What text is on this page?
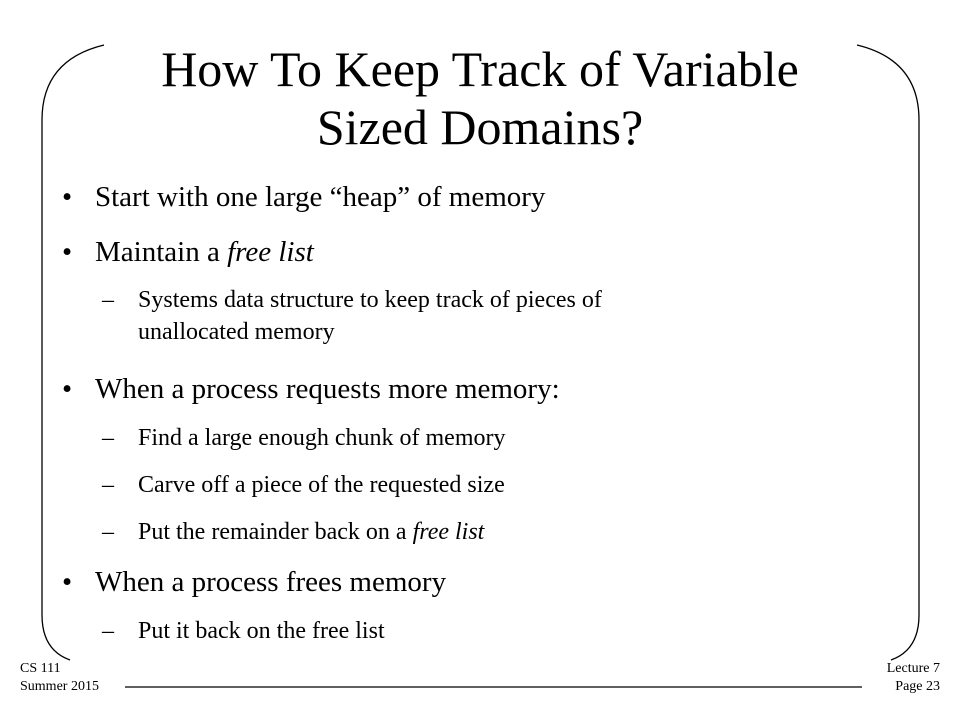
How To Keep Track of Variable
Sized Domains?
• Start with one large “heap” of memory
• Maintain a free list
– Systems data structure to keep track of pieces of
unallocated memory
• When a process requests more memory:
– Find a large enough chunk of memory
– Carve off a piece of the requested size
– Put the remainder back on a free list
• When a process frees memory
– Put it back on the free list
CS 111
Summer 2015
Lecture 7
Page 23
